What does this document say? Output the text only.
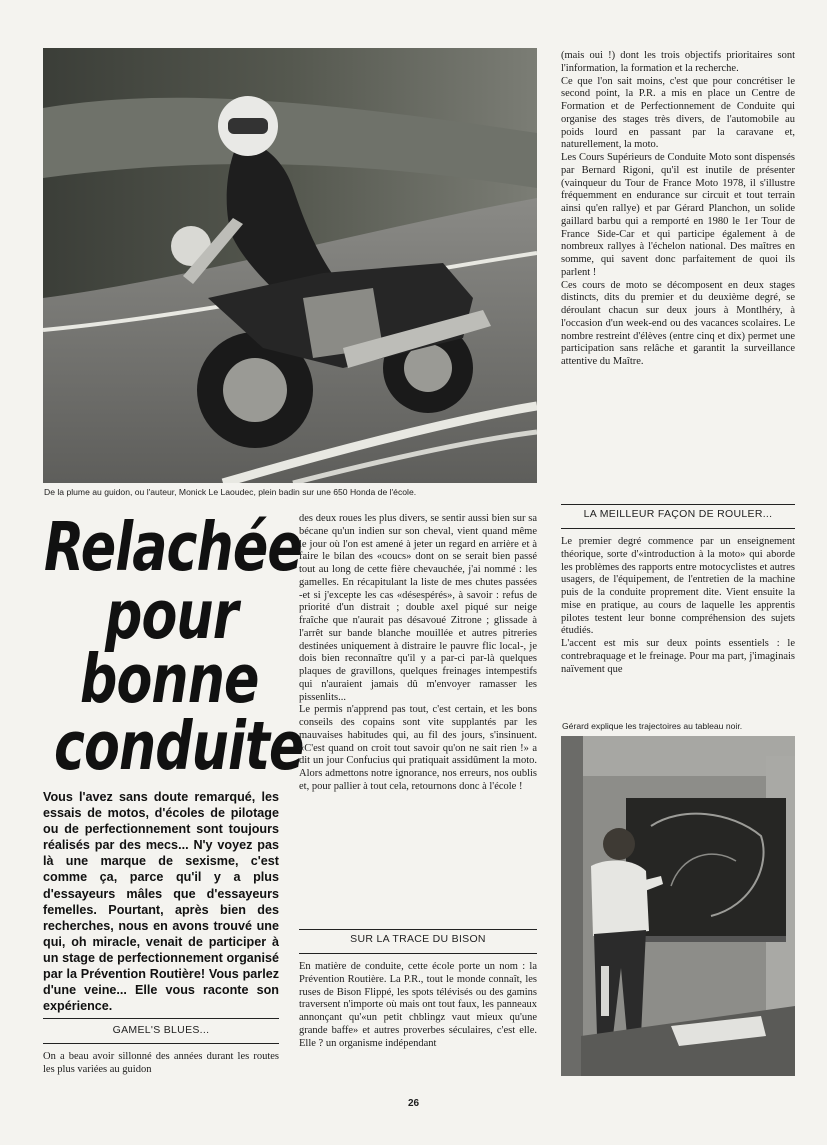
De la plume au guidon, ou l'auteur, Monick Le Laoudec, plein badin sur une 650 Honda de l'école.
Relachée
pour
bonne
conduite
Vous l'avez sans doute remarqué, les essais de motos, d'écoles de pilotage ou de perfectionnement sont toujours réalisés par des mecs... N'y voyez pas là une marque de sexisme, c'est comme ça, parce qu'il y a plus d'essayeurs mâles que d'essayeurs femelles. Pourtant, après bien des recherches, nous en avons trouvé une qui, oh miracle, venait de participer à un stage de perfectionnement organisé par la Prévention Routière! Vous parlez d'une veine... Elle vous raconte son expérience.
GAMEL'S BLUES...

On a beau avoir sillonné des années durant les routes les plus variées au guidon

des deux roues les plus divers, se sentir aussi bien sur sa bécane qu'un indien sur son cheval, vient quand même le jour où l'on est amené à jeter un regard en arrière et à faire le bilan des «coucs» dont on se serait bien passé tout au long de cette fière chevauchée, j'ai nommé : les gamelles. En récapitulant la liste de mes chutes passées -et si j'excepte les cas «désespérés», à savoir : refus de priorité d'un distrait ; double axel piqué sur neige fraîche que n'aurait pas désavoué Zitrone ; glissade à l'arrêt sur bande blanche mouillée et autres pitreries destinées uniquement à distraire le pauvre flic local-, je dois bien reconnaître qu'il y a par-ci par-là quelques plaques de gravillons, quelques freinages intempestifs qui n'auraient jamais dû m'envoyer ramasser les pissenlits...

Le permis n'apprend pas tout, c'est certain, et les bons conseils des copains sont vite supplantés par les mauvaises habitudes qui, au fil des jours, s'insinuent. «C'est quand on croit tout savoir qu'on ne sait rien !» a dit un jour Confucius qui pratiquait assidûment la moto. Alors admettons notre ignorance, nos erreurs, nos oublis et, pour pallier à tout cela, retournons donc à l'école !

SUR LA TRACE DU BISON

En matière de conduite, cette école porte un nom : la Prévention Routière. La P.R., tout le monde connaît, les ruses de Bison Flippé, les spots télévisés ou des gamins traversent n'importe où mais ont tout faux, les panneaux annonçant qu'«un petit chblingz vaut mieux qu'une grande baffe» et autres proverbes séculaires, c'est elle. Elle ? un organisme indépendant

(mais oui !) dont les trois objectifs prioritaires sont l'information, la formation et la recherche.

Ce que l'on sait moins, c'est que pour concrétiser le second point, la P.R. a mis en place un Centre de Formation et de Perfectionnement de Conduite qui organise des stages très divers, de l'automobile au poids lourd en passant par la caravane et, naturellement, la moto.

Les Cours Supérieurs de Conduite Moto sont dispensés par Bernard Rigoni, qu'il est inutile de présenter (vainqueur du Tour de France Moto 1978, il s'illustre fréquemment en endurance sur circuit et tout terrain ainsi qu'en rallye) et par Gérard Planchon, un solide gaillard barbu qui a remporté en 1980 le 1er Tour de France Side-Car et qui participe également à de nombreux rallyes à l'échelon national. Des maîtres en somme, qui savent donc parfaitement de quoi ils parlent !

Ces cours de moto se décomposent en deux stages distincts, dits du premier et du deuxième degré, se déroulant chacun sur deux jours à Montlhéry, à l'occasion d'un week-end ou des vacances scolaires. Le nombre restreint d'élèves (entre cinq et dix) permet une participation sans relâche et garantit la surveillance attentive du Maître.

LA MEILLEUR FAÇON DE ROULER...

Le premier degré commence par un enseignement théorique, sorte d'«introduction à la moto» qui aborde les problèmes des rapports entre motocyclistes et autres usagers, de l'équipement, de l'entretien de la machine puis de la conduite proprement dite. Vient ensuite la mise en pratique, au cours de laquelle les apprentis pilotes testent leur bonne compréhension des sujets étudiés.

L'accent est mis sur deux points essentiels : le contrebraquage et le freinage. Pour ma part, j'imaginais naïvement que

Gérard explique les trajectoires au tableau noir.
26
